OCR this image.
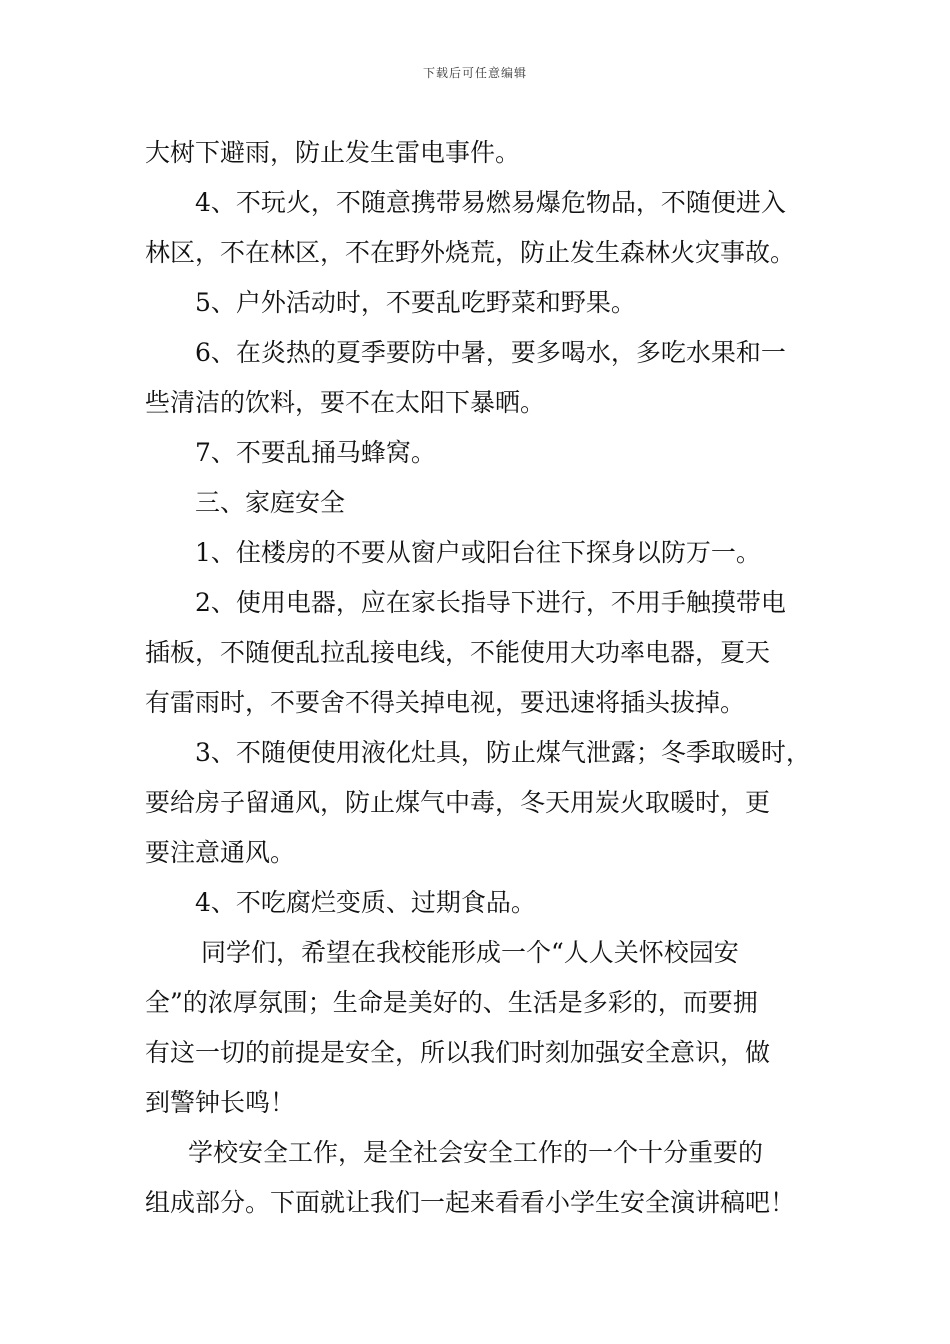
下载后可任意编辑

大树下避雨，防止发生雷电事件。

4、不玩火，不随意携带易燃易爆危物品，不随便进入

林区，不在林区，不在野外烧荒，防止发生森林火灾事故。

5、户外活动时，不要乱吃野菜和野果。

6、在炎热的夏季要防中暑，要多喝水，多吃水果和一

些清洁的饮料，要不在太阳下暴晒。

7、不要乱捅马蜂窝。

三、家庭安全

1、住楼房的不要从窗户或阳台往下探身以防万一。

2、使用电器，应在家长指导下进行，不用手触摸带电

插板，不随便乱拉乱接电线，不能使用大功率电器，夏天

有雷雨时，不要舍不得关掉电视，要迅速将插头拔掉。

3、不随便使用液化灶具，防止煤气泄露；冬季取暖时，

要给房子留通风，防止煤气中毒，冬天用炭火取暖时，更

要注意通风。

4、不吃腐烂变质、过期食品。

同学们，希望在我校能形成一个“人人关怀校园安

全”的浓厚氛围；生命是美好的、生活是多彩的，而要拥

有这一切的前提是安全，所以我们时刻加强安全意识，做

到警钟长鸣！

学校安全工作，是全社会安全工作的一个十分重要的

组成部分。下面就让我们一起来看看小学生安全演讲稿吧！
